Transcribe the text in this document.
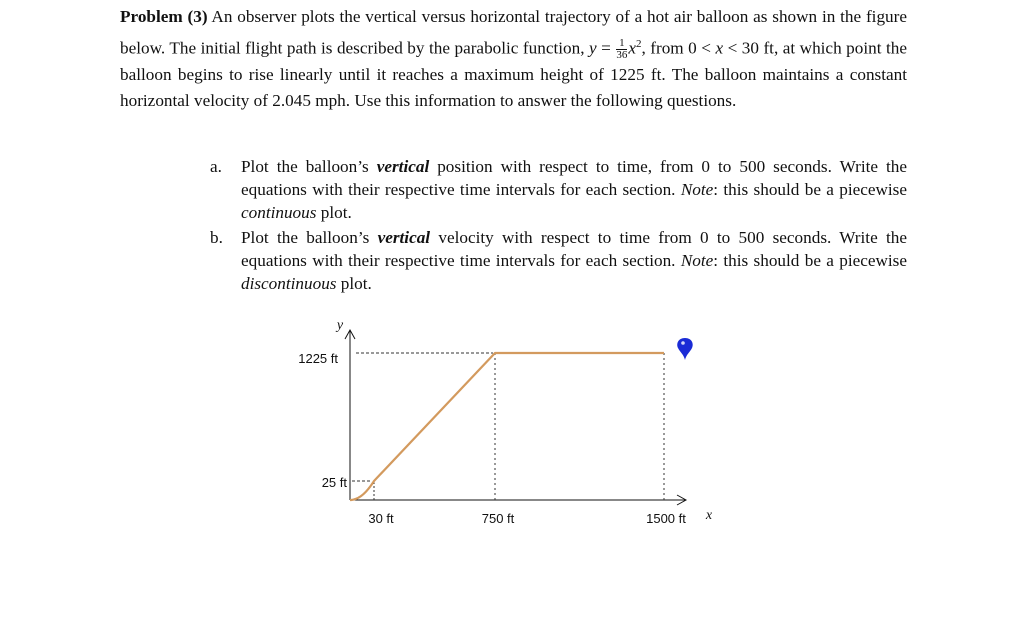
Problem (3) An observer plots the vertical versus horizontal trajectory of a hot air balloon as shown in the figure below. The initial flight path is described by the parabolic function, $y = \frac{1}{36} x^2$, from 0 < x < 30 ft, at which point the balloon begins to rise linearly until it reaches a maximum height of 1225 ft. The balloon maintains a constant horizontal velocity of 2.045 mph. Use this information to answer the following questions.
a. Plot the balloon’s vertical position with respect to time, from 0 to 500 seconds. Write the equations with their respective time intervals for each section. Note: this should be a piecewise continuous plot.
b. Plot the balloon’s vertical velocity with respect to time from 0 to 500 seconds. Write the equations with their respective time intervals for each section. Note: this should be a piecewise discontinuous plot.
y
x
1225 ft
25 ft
30 ft	750 ft	1500 ft
